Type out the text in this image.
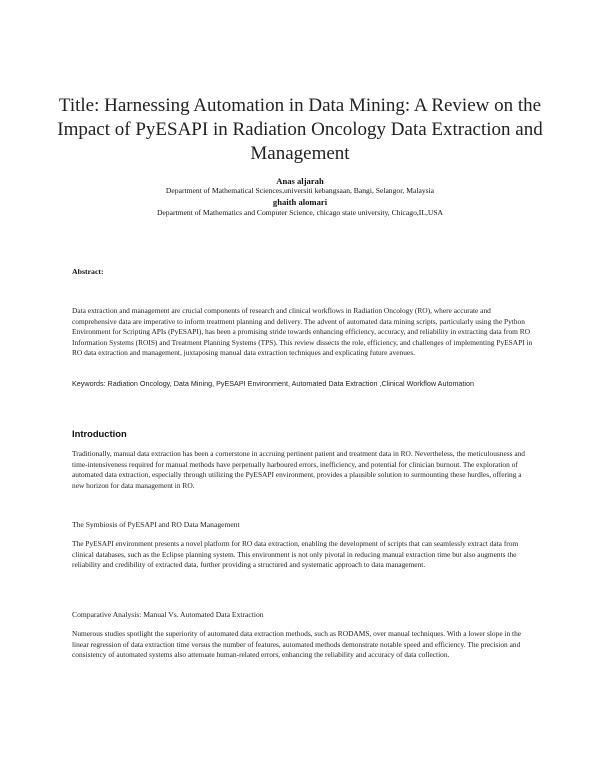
Title: Harnessing Automation in Data Mining: A Review on the Impact of PyESAPI in Radiation Oncology Data Extraction and Management
Anas aljarah
Department of Mathematical Sciences,universiti kebangsaan, Bangi, Selangor, Malaysia
ghaith alomari
Department of Mathematics and Computer Science, chicago state university, Chicago,IL,USA
Abstract:
Data extraction and management are crucial components of research and clinical workflows in Radiation Oncology (RO), where accurate and comprehensive data are imperative to inform treatment planning and delivery. The advent of automated data mining scripts, particularly using the Python Environment for Scripting APIs (PyESAPI), has been a promising stride towards enhancing efficiency, accuracy, and reliability in extracting data from RO Information Systems (ROIS) and Treatment Planning Systems (TPS). This review dissects the role, efficiency, and challenges of implementing PyESAPI in RO data extraction and management, juxtaposing manual data extraction techniques and explicating future avenues.
Keywords: Radiation Oncology, Data Mining, PyESAPI Environment, Automated Data Extraction ,Clinical Workflow Automation
Introduction
Traditionally, manual data extraction has been a cornerstone in accruing pertinent patient and treatment data in RO. Nevertheless, the meticulousness and time-intensiveness required for manual methods have perpetually harboured errors, inefficiency, and potential for clinician burnout. The exploration of automated data extraction, especially through utilizing the PyESAPI environment, provides a plausible solution to surmounting these hurdles, offering a new horizon for data management in RO.
The Symbiosis of PyESAPI and RO Data Management
The PyESAPI environment presents a novel platform for RO data extraction, enabling the development of scripts that can seamlessly extract data from clinical databases, such as the Eclipse planning system. This environment is not only pivotal in reducing manual extraction time but also augments the reliability and credibility of extracted data, further providing a structured and systematic approach to data management.
Comparative Analysis: Manual Vs. Automated Data Extraction
Numerous studies spotlight the superiority of automated data extraction methods, such as RODAMS, over manual techniques. With a lower slope in the linear regression of data extraction time versus the number of features, automated methods demonstrate notable speed and efficiency. The precision and consistency of automated systems also attenuate human-related errors, enhancing the reliability and accuracy of data collection.
